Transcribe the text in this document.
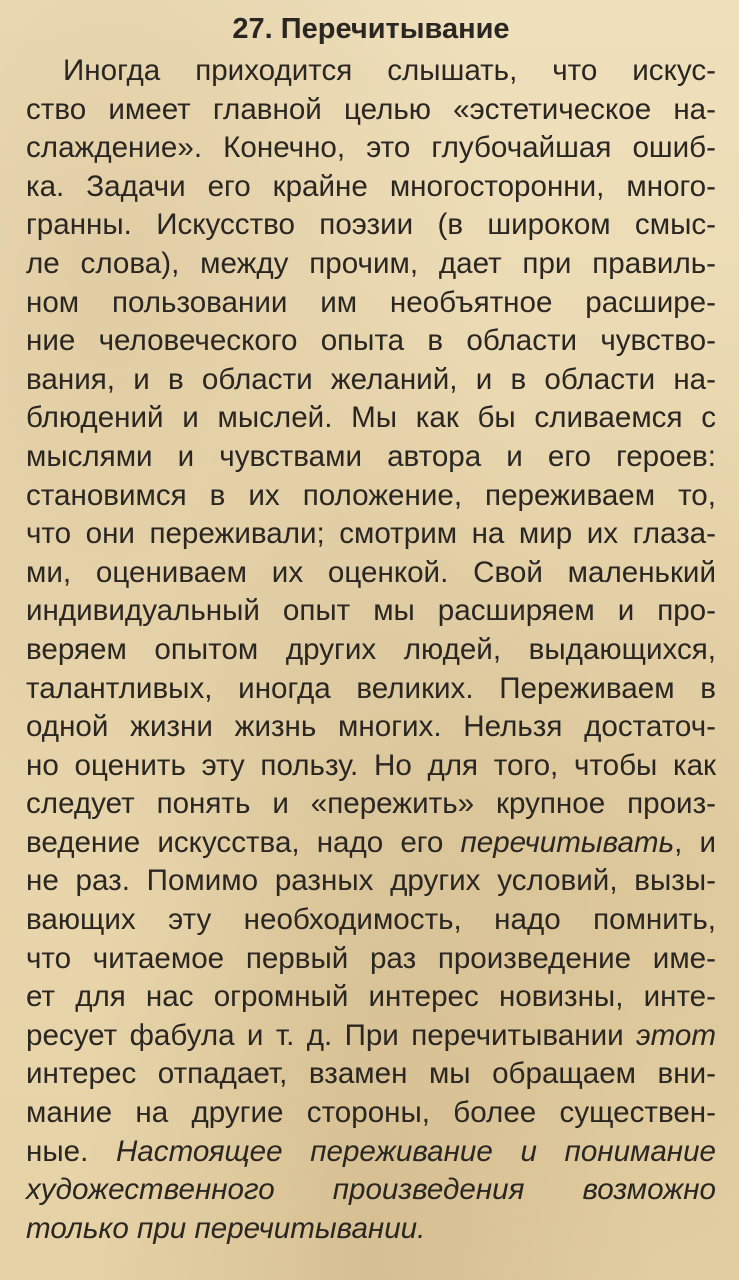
27. Перечитывание
Иногда приходится слышать, что искус-
ство имеет главной целью «эстетическое на-
слаждение». Конечно, это глубочайшая ошиб-
ка. Задачи его крайне многосторонни, много-
гранны. Искусство поэзии (в широком смыс-
ле слова), между прочим, дает при правиль-
ном пользовании им необъятное расшире-
ние человеческого опыта в области чувство-
вания, и в области желаний, и в области на-
блюдений и мыслей. Мы как бы сливаемся с
мыслями и чувствами автора и его героев:
становимся в их положение, переживаем то,
что они переживали; смотрим на мир их глаза-
ми, оцениваем их оценкой. Свой маленький
индивидуальный опыт мы расширяем и про-
веряем опытом других людей, выдающихся,
талантливых, иногда великих. Переживаем в
одной жизни жизнь многих. Нельзя достаточ-
но оценить эту пользу. Но для того, чтобы как
следует понять и «пережить» крупное произ-
ведение искусства, надо его перечитывать, и
не раз. Помимо разных других условий, вызы-
вающих эту необходимость, надо помнить,
что читаемое первый раз произведение име-
ет для нас огромный интерес новизны, инте-
ресует фабула и т. д. При перечитывании этот
интерес отпадает, взамен мы обращаем вни-
мание на другие стороны, более существен-
ные. Настоящее переживание и понимание
художественного произведения возможно
только при перечитывании.
